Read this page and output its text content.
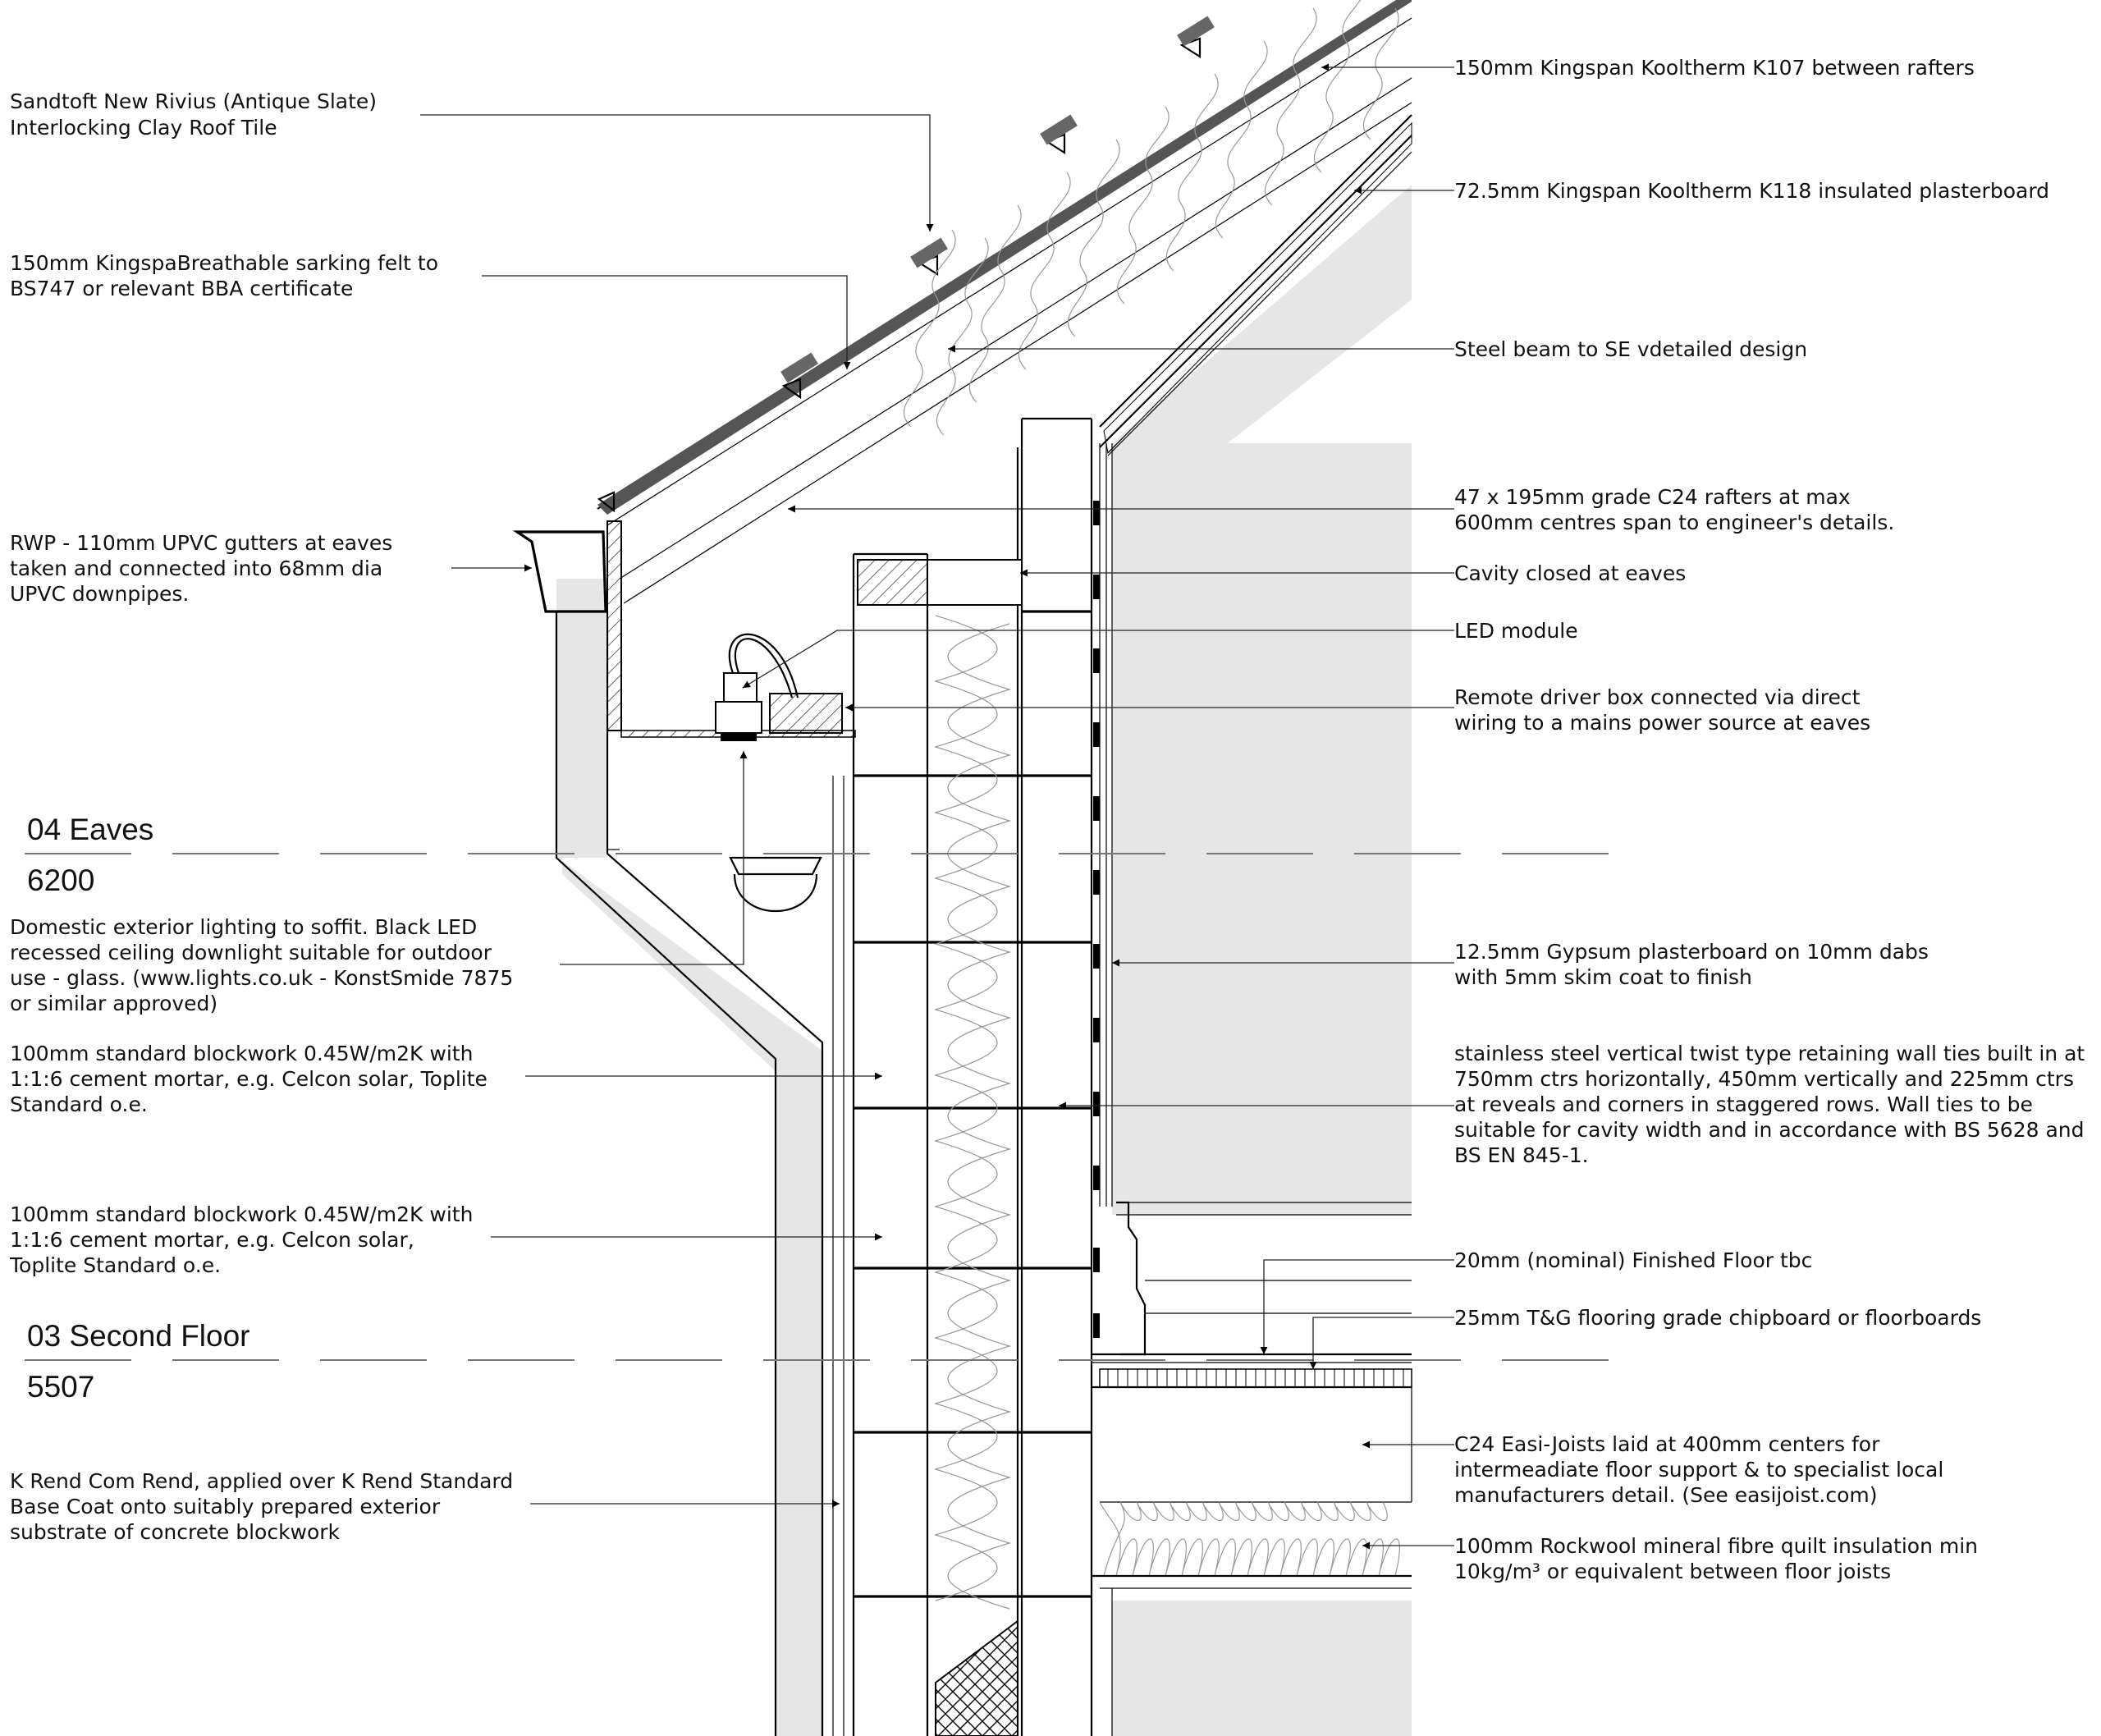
Sandtoft New Rivius (Antique Slate) Interlocking Clay Roof Tile
150mm KingspaBreathable sarking felt to BS747 or relevant BBA certificate
RWP - 110mm UPVC gutters at eaves taken and connected into 68mm dia UPVC downpipes.
Domestic exterior lighting to soffit. Black LED recessed ceiling downlight suitable for outdoor use - glass. (www.lights.co.uk - KonstSmide 7875 or similar approved)
100mm standard blockwork 0.45W/m2K with 1:1:6 cement mortar, e.g. Celcon solar, Toplite Standard o.e.
100mm standard blockwork 0.45W/m2K with 1:1:6 cement mortar, e.g. Celcon solar, Toplite Standard o.e.
K Rend Com Rend, applied over K Rend Standard Base Coat onto suitably prepared exterior substrate of concrete blockwork
150mm Kingspan Kooltherm K107 between rafters
72.5mm Kingspan Kooltherm K118 insulated plasterboard
Steel beam to SE vdetailed design
47 x 195mm grade C24 rafters at max 600mm centres span to engineer's details.
Cavity closed at eaves
LED module
Remote driver box connected via direct wiring to a mains power source at eaves
12.5mm Gypsum plasterboard on 10mm dabs with 5mm skim coat to finish
stainless steel vertical twist type retaining wall ties built in at 750mm ctrs horizontally, 450mm vertically and 225mm ctrs at reveals and corners in staggered rows. Wall ties to be suitable for cavity width and in accordance with BS 5628 and BS EN 845-1.
20mm (nominal) Finished Floor tbc
25mm T&G flooring grade chipboard or floorboards
C24 Easi-Joists laid at 400mm centers for intermeadiate floor support & to specialist local manufacturers detail. (See easijoist.com)
100mm Rockwool mineral fibre quilt insulation min 10kg/m³ or equivalent between floor joists
04 Eaves
6200
03 Second Floor
5507
